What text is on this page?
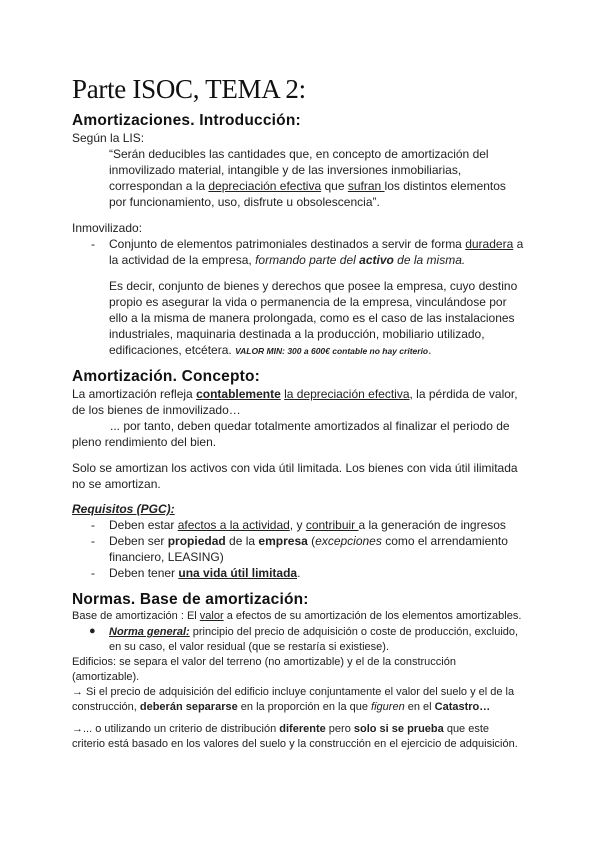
Parte ISOC, TEMA 2:
Amortizaciones. Introducción:
Según la LIS:
“Serán deducibles las cantidades que, en concepto de amortización del
inmovilizado material, intangible y de las inversiones inmobiliarias,
correspondan a la depreciación efectiva que sufran los distintos elementos
por funcionamiento, uso, disfrute u obsolescencia”.
Inmovilizado:
- Conjunto de elementos patrimoniales destinados a servir de forma duradera a
la actividad de la empresa, formando parte del activo de la misma.
Es decir, conjunto de bienes y derechos que posee la empresa, cuyo destino
propio es asegurar la vida o permanencia de la empresa, vinculándose por
ello a la misma de manera prolongada, como es el caso de las instalaciones
industriales, maquinaria destinada a la producción, mobiliario utilizado,
edificaciones, etcétera. VALOR MIN: 300 a 600€ contable no hay criterio.
Amortización. Concepto:
La amortización refleja contablemente la depreciación efectiva, la pérdida de valor,
de los bienes de inmovilizado…
... por tanto, deben quedar totalmente amortizados al finalizar el periodo de
pleno rendimiento del bien.
Solo se amortizan los activos con vida útil limitada. Los bienes con vida útil ilimitada
no se amortizan.
Requisitos (PGC):
- Deben estar afectos a la actividad, y contribuir a la generación de ingresos
- Deben ser propiedad de la empresa (excepciones como el arrendamiento
financiero, LEASING)
- Deben tener una vida útil limitada.
Normas. Base de amortización:
Base de amortización : El valor a efectos de su amortización de los elementos amortizables.
● Norma general: principio del precio de adquisición o coste de producción, excluido,
en su caso, el valor residual (que se restaría si existiese).
Edificios: se separa el valor del terreno (no amortizable) y el de la construcción
(amortizable).
→ Si el precio de adquisición del edificio incluye conjuntamente el valor del suelo y el de la
construcción, deberán separarse en la proporción en la que figuren en el Catastro…
→... o utilizando un criterio de distribución diferente pero solo si se prueba que este
criterio está basado en los valores del suelo y la construcción en el ejercicio de adquisición.
